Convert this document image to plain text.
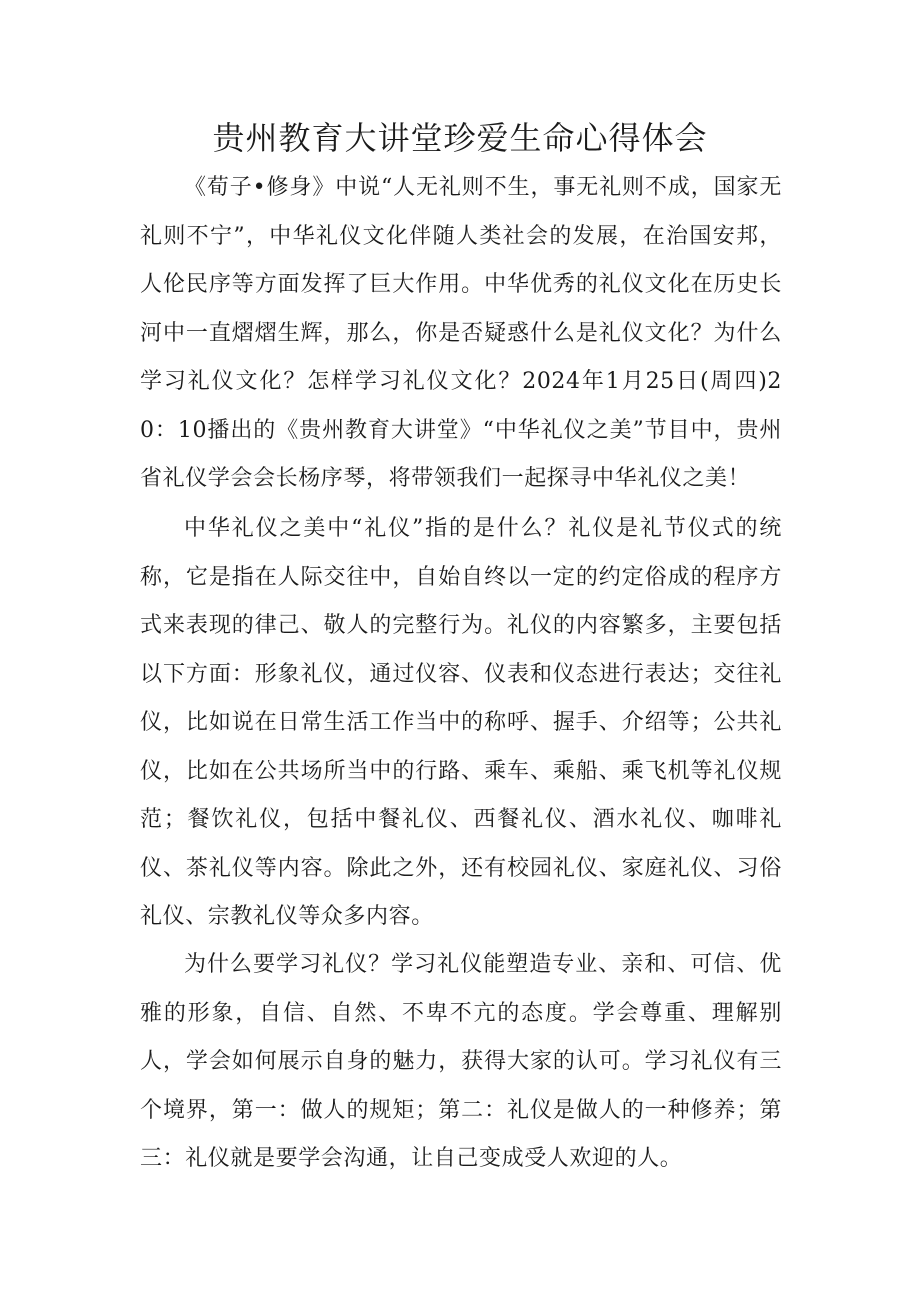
贵州教育大讲堂珍爱生命心得体会

《荀子•修身》中说“人无礼则不生，事无礼则不成，国家无礼则不宁”，中华礼仪文化伴随人类社会的发展，在治国安邦，人伦民序等方面发挥了巨大作用。中华优秀的礼仪文化在历史长河中一直熠熠生辉，那么，你是否疑惑什么是礼仪文化？为什么学习礼仪文化？怎样学习礼仪文化？2024年1月25日(周四)20：10播出的《贵州教育大讲堂》“中华礼仪之美”节目中，贵州省礼仪学会会长杨序琴，将带领我们一起探寻中华礼仪之美！

中华礼仪之美中“礼仪”指的是什么？礼仪是礼节仪式的统称，它是指在人际交往中，自始自终以一定的约定俗成的程序方式来表现的律己、敬人的完整行为。礼仪的内容繁多，主要包括以下方面：形象礼仪，通过仪容、仪表和仪态进行表达；交往礼仪，比如说在日常生活工作当中的称呼、握手、介绍等；公共礼仪，比如在公共场所当中的行路、乘车、乘船、乘飞机等礼仪规范；餐饮礼仪，包括中餐礼仪、西餐礼仪、酒水礼仪、咖啡礼仪、茶礼仪等内容。除此之外，还有校园礼仪、家庭礼仪、习俗礼仪、宗教礼仪等众多内容。

为什么要学习礼仪？学习礼仪能塑造专业、亲和、可信、优雅的形象，自信、自然、不卑不亢的态度。学会尊重、理解别人，学会如何展示自身的魅力，获得大家的认可。学习礼仪有三个境界，第一：做人的规矩；第二：礼仪是做人的一种修养；第三：礼仪就是要学会沟通，让自己变成受人欢迎的人。
